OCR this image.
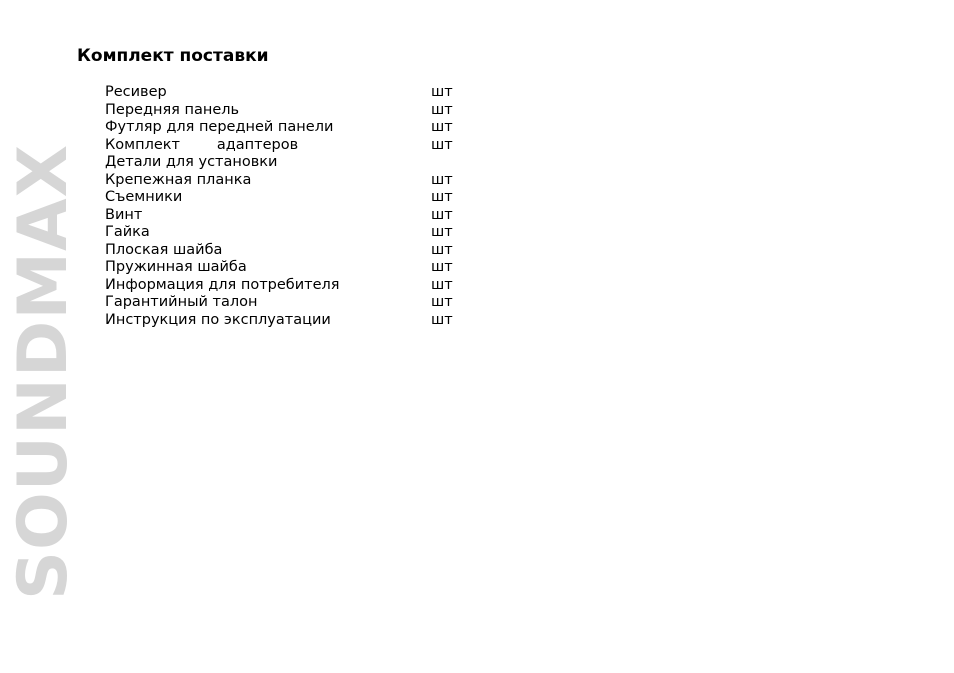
SOUNDMAX
Комплект поставки
Ресивер	шт
Передняя панель	шт
Футляр для передней панели	шт
Комплект        адаптеров	шт
Детали для установки
Крепежная планка	шт
Съемники	шт
Винт	шт
Гайка	шт
Плоская шайба	шт
Пружинная шайба	шт
Информация для потребителя	шт
Гарантийный талон	шт
Инструкция по эксплуатации	шт
